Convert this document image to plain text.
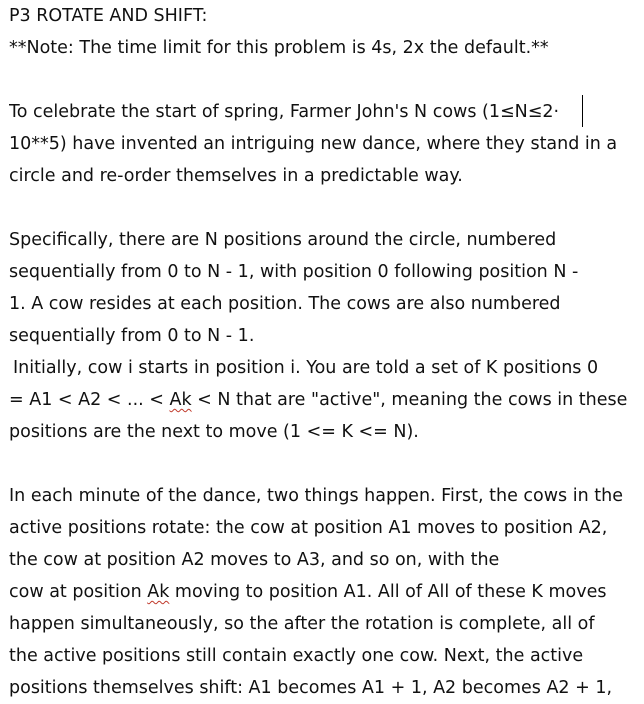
P3 ROTATE AND SHIFT:
**Note: The time limit for this problem is 4s, 2x the default.**
To celebrate the start of spring, Farmer John's N cows (1≤N≤2·
10**5) have invented an intriguing new dance, where they stand in a
circle and re-order themselves in a predictable way.
Specifically, there are N positions around the circle, numbered
sequentially from 0 to N - 1, with position 0 following position N -
1. A cow resides at each position. The cows are also numbered
sequentially from 0 to N - 1.
Initially, cow i starts in position i. You are told a set of K positions 0
= A1 < A2 < ... < Ak < N that are "active", meaning the cows in these
positions are the next to move (1 <= K <= N).
In each minute of the dance, two things happen. First, the cows in the
active positions rotate: the cow at position A1 moves to position A2,
the cow at position A2 moves to A3, and so on, with the
cow at position Ak moving to position A1. All of All of these K moves
happen simultaneously, so the after the rotation is complete, all of
the active positions still contain exactly one cow. Next, the active
positions themselves shift: A1 becomes A1 + 1, A2 becomes A2 + 1,
